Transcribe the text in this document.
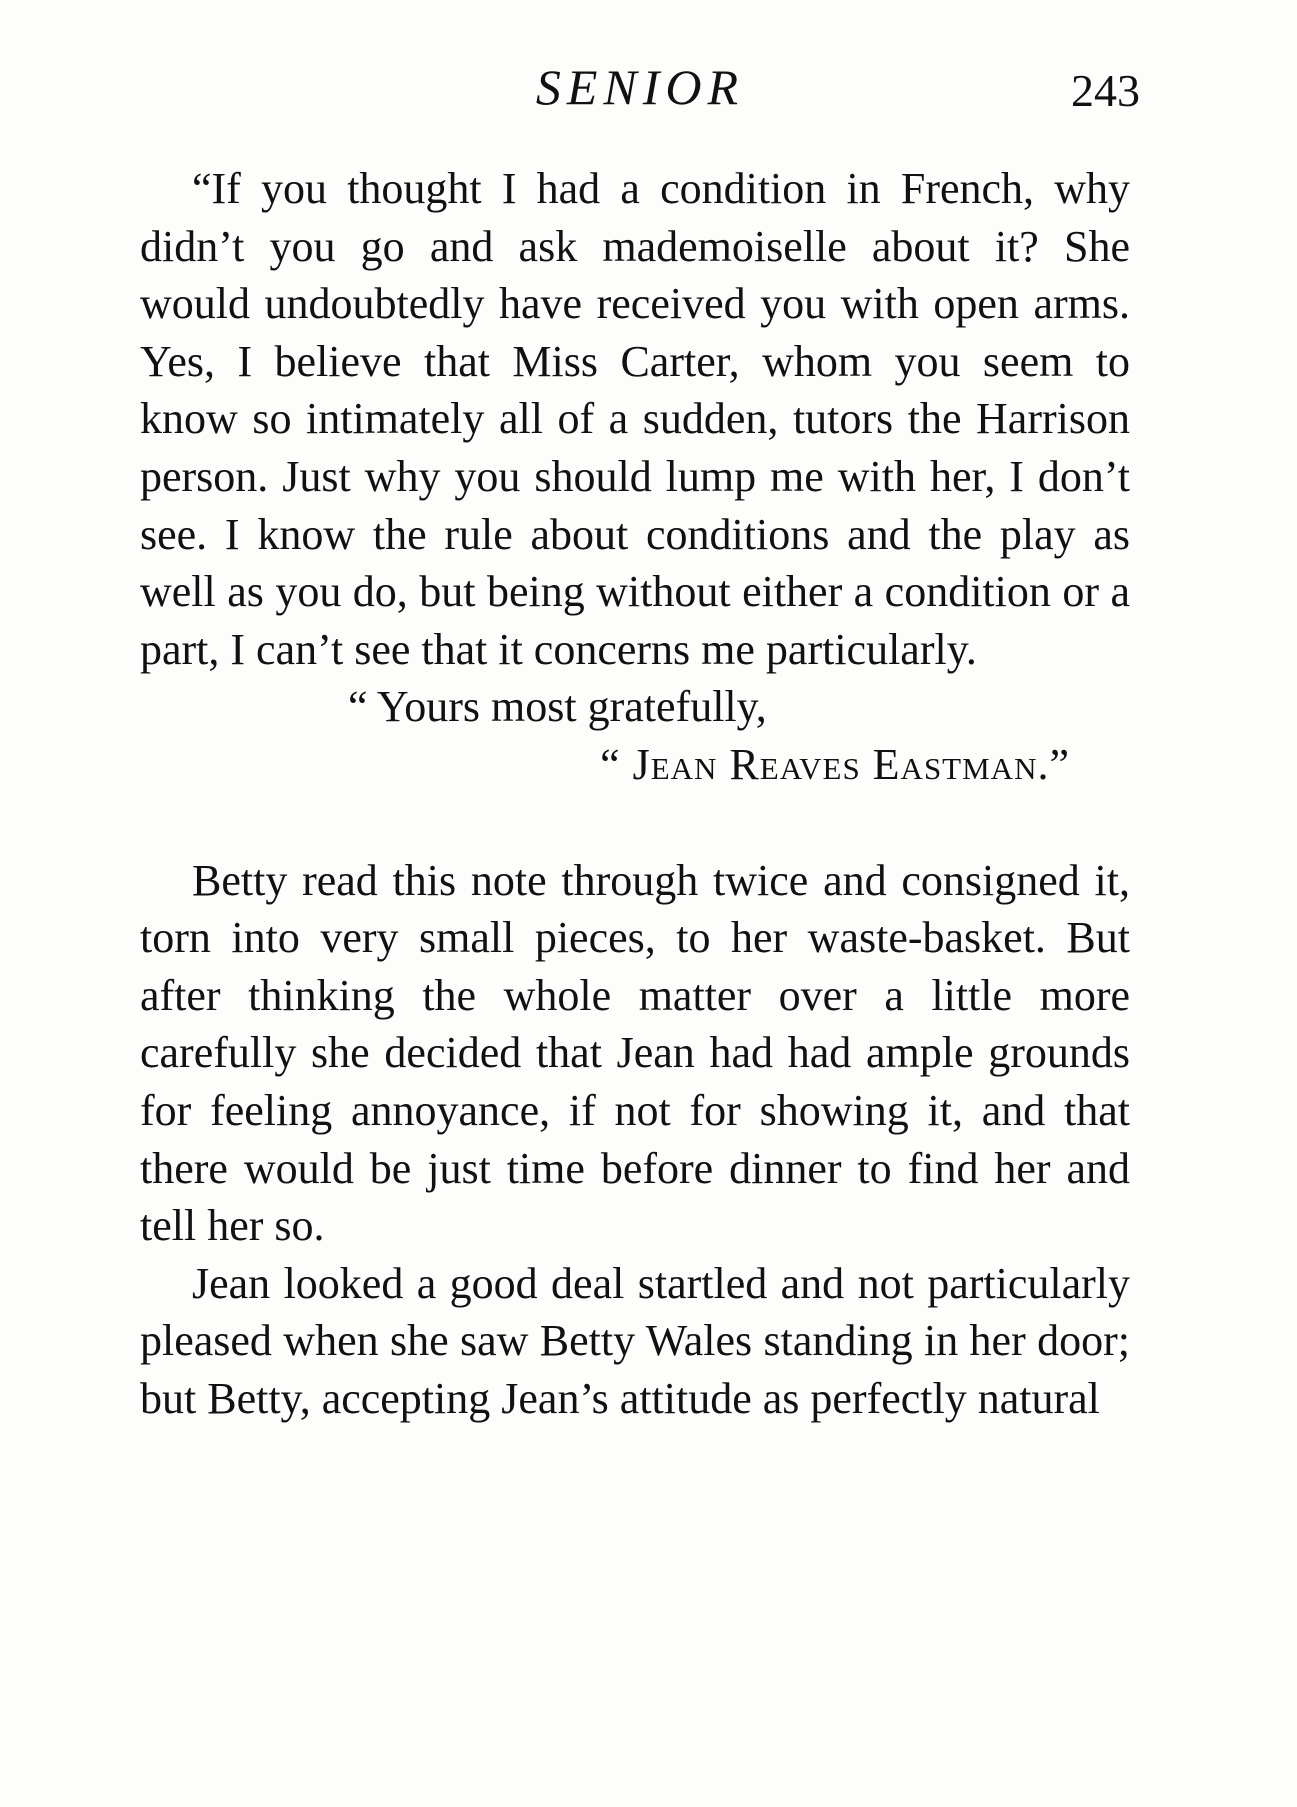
SENIOR	243

“If you thought I had a condition in French, why didn’t you go and ask mademoiselle about it? She would undoubtedly have received you with open arms. Yes, I believe that Miss Carter, whom you seem to know so intimately all of a sudden, tutors the Harrison person. Just why you should lump me with her, I don’t see. I know the rule about conditions and the play as well as you do, but being without either a condition or a part, I can’t see that it concerns me particularly.

“ Yours most gratefully,

“ Jean Reaves Eastman.”

Betty read this note through twice and consigned it, torn into very small pieces, to her waste-basket. But after thinking the whole matter over a little more carefully she decided that Jean had had ample grounds for feeling annoyance, if not for showing it, and that there would be just time before dinner to find her and tell her so.

Jean looked a good deal startled and not particularly pleased when she saw Betty Wales standing in her door; but Betty, accepting Jean’s attitude as perfectly natural
